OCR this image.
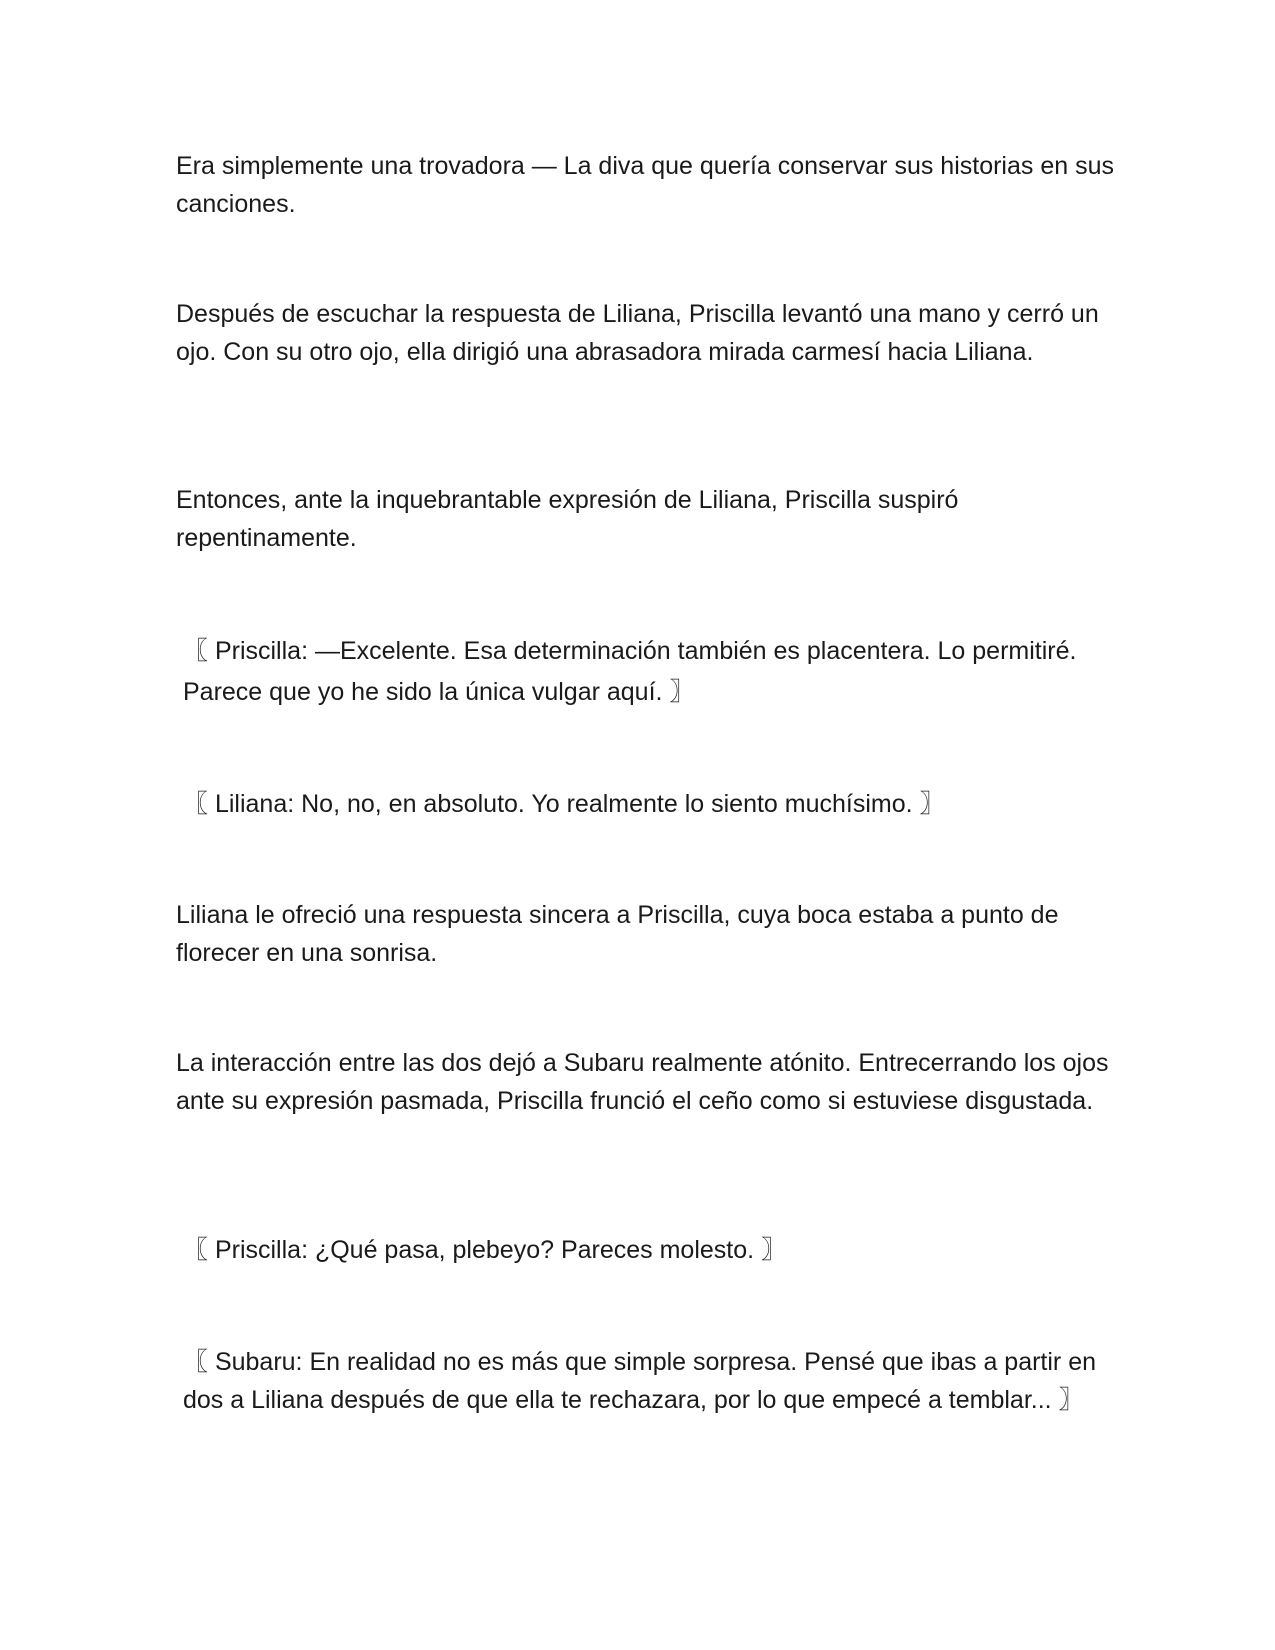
Era simplemente una trovadora — La diva que quería conservar sus historias en sus canciones.

Después de escuchar la respuesta de Liliana, Priscilla levantó una mano y cerró un ojo. Con su otro ojo, ella dirigió una abrasadora mirada carmesí hacia Liliana.

Entonces, ante la inquebrantable expresión de Liliana, Priscilla suspiró repentinamente.

〖 Priscilla: —Excelente. Esa determinación también es placentera. Lo permitiré. Parece que yo he sido la única vulgar aquí. 〗

〖 Liliana: No, no, en absoluto. Yo realmente lo siento muchísimo. 〗

Liliana le ofreció una respuesta sincera a Priscilla, cuya boca estaba a punto de florecer en una sonrisa.

La interacción entre las dos dejó a Subaru realmente atónito. Entrecerrando los ojos ante su expresión pasmada, Priscilla frunció el ceño como si estuviese disgustada.

〖 Priscilla: ¿Qué pasa, plebeyo? Pareces molesto. 〗

〖 Subaru: En realidad no es más que simple sorpresa. Pensé que ibas a partir en dos a Liliana después de que ella te rechazara, por lo que empecé a temblar... 〗
